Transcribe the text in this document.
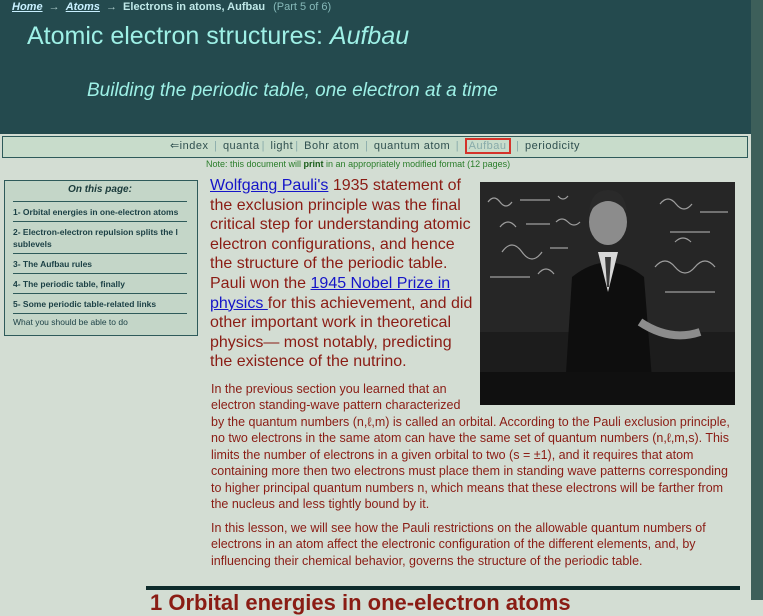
Home → Atoms → Electrons in atoms, Aufbau (Part 5 of 6)
Atomic electron structures: Aufbau
Building the periodic table, one electron at a time
⇐index | quanta | light | Bohr atom | quantum atom | Aufbau | periodicity
Note: this document will print in an appropriately modified format (12 pages)
On this page:
1- Orbital energies in one-electron atoms
2- Electron-electron repulsion splits the l sublevels
3- The Aufbau rules
4- The periodic table, finally
5- Some periodic table-related links
What you should be able to do
Wolfgang Pauli's 1935 statement of the exclusion principle was the final critical step for understanding atomic electron configurations, and hence the structure of the periodic table. Pauli won the 1945 Nobel Prize in physics for this achievement, and did other important work in theoretical physics— most notably, predicting the existence of the nutrino.
In the previous section you learned that an electron standing-wave pattern characterized
by the quantum numbers (n,ℓ,m) is called an orbital. According to the Pauli exclusion principle, no two electrons in the same atom can have the same set of quantum numbers (n,ℓ,m,s). This limits the number of electrons in a given orbital to two (s = ±1), and it requires that atom containing more then two electrons must place them in standing wave patterns corresponding to higher principal quantum numbers n, which means that these electrons will be farther from the nucleus and less tightly bound by it.
In this lesson, we will see how the Pauli restrictions on the allowable quantum numbers of electrons in an atom affect the electronic configuration of the different elements, and, by influencing their chemical behavior, governs the structure of the periodic table.
1 Orbital energies in one-electron atoms
